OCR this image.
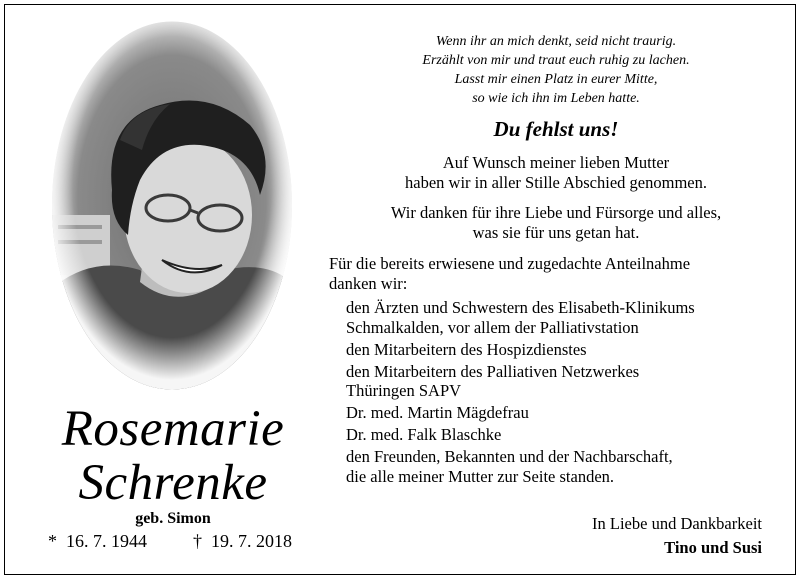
Rosemarie
Schrenke
geb. Simon
*  16. 7. 1944	†  19. 7. 2018
Wenn ihr an mich denkt, seid nicht traurig.
Erzählt von mir und traut euch ruhig zu lachen.
Lasst mir einen Platz in eurer Mitte,
so wie ich ihn im Leben hatte.
Du fehlst uns!
Auf Wunsch meiner lieben Mutter
haben wir in aller Stille Abschied genommen.
Wir danken für ihre Liebe und Fürsorge und alles,
was sie für uns getan hat.
Für die bereits erwiesene und zugedachte Anteilnahme
danken wir:
den Ärzten und Schwestern des Elisabeth-Klinikums
Schmalkalden, vor allem der Palliativstation
den Mitarbeitern des Hospizdienstes
den Mitarbeitern des Palliativen Netzwerkes
Thüringen SAPV
Dr. med. Martin Mägdefrau
Dr. med. Falk Blaschke
den Freunden, Bekannten und der Nachbarschaft,
die alle meiner Mutter zur Seite standen.
In Liebe und Dankbarkeit
Tino und Susi
